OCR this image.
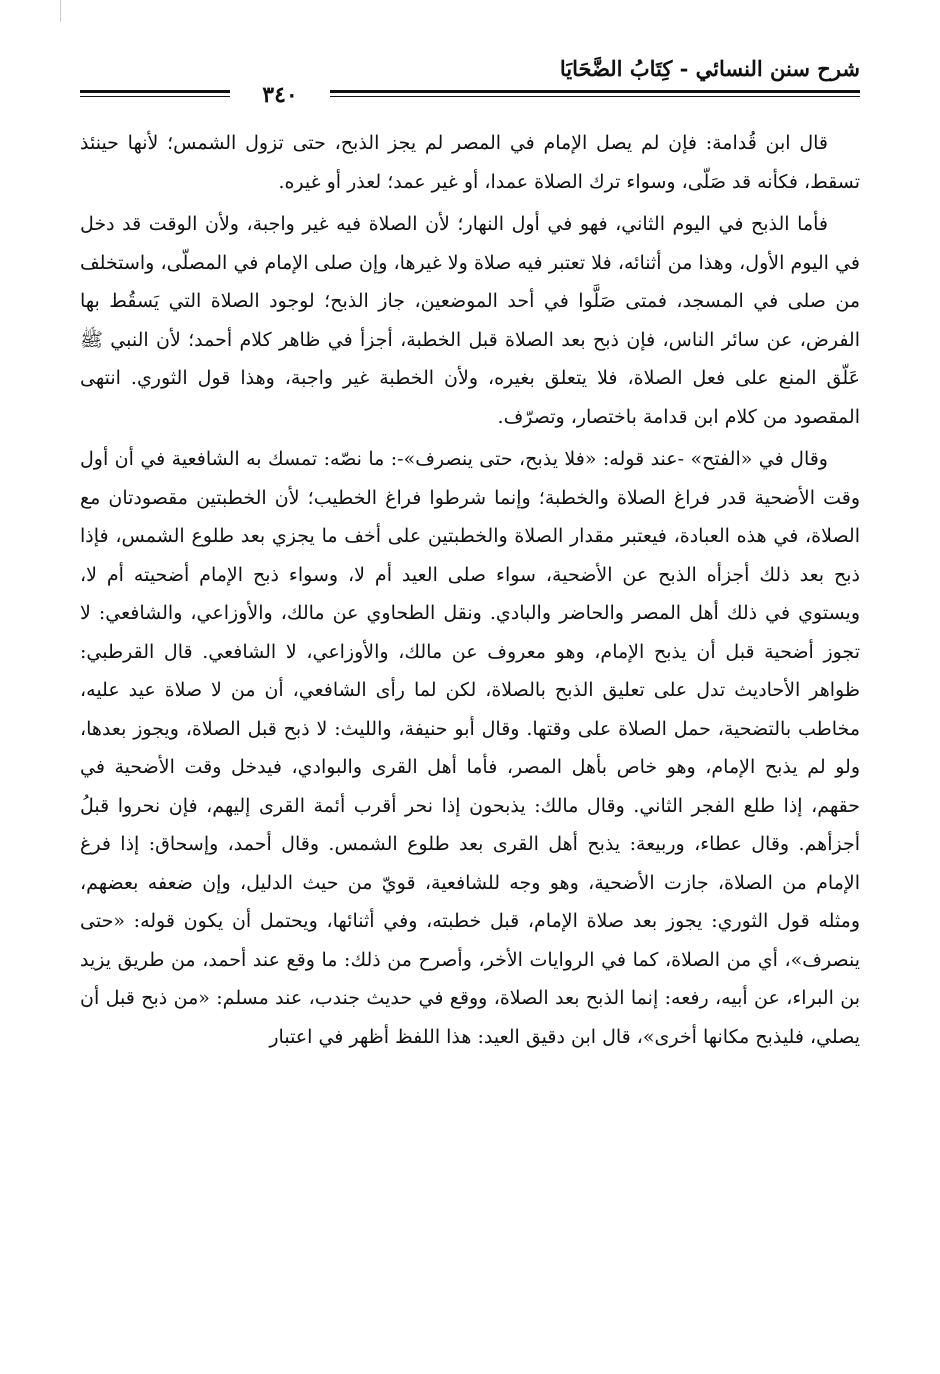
شرح سنن النسائي - كِتَابُ الضَّحَايَا
٣٤٠

قال ابن قُدامة: فإن لم يصل الإمام في المصر لم يجز الذبح، حتى تزول الشمس؛ لأنها حينئذ تسقط، فكأنه قد صَلّى، وسواء ترك الصلاة عمدا، أو غير عمد؛ لعذر أو غيره.

فأما الذبح في اليوم الثاني، فهو في أول النهار؛ لأن الصلاة فيه غير واجبة، ولأن الوقت قد دخل في اليوم الأول، وهذا من أثنائه، فلا تعتبر فيه صلاة ولا غيرها، وإن صلى الإمام في المصلّى، واستخلف من صلى في المسجد، فمتى صَلَّوا في أحد الموضعين، جاز الذبح؛ لوجود الصلاة التي يَسقُط بها الفرض، عن سائر الناس، فإن ذبح بعد الصلاة قبل الخطبة، أجزأ في ظاهر كلام أحمد؛ لأن النبي ﷺ عَلّق المنع على فعل الصلاة، فلا يتعلق بغيره، ولأن الخطبة غير واجبة، وهذا قول الثوري. انتهى المقصود من كلام ابن قدامة باختصار، وتصرّف.

وقال في «الفتح» -عند قوله: «فلا يذبح، حتى ينصرف»-: ما نصّه: تمسك به الشافعية في أن أول وقت الأضحية قدر فراغ الصلاة والخطبة؛ وإنما شرطوا فراغ الخطيب؛ لأن الخطبتين مقصودتان مع الصلاة، في هذه العبادة، فيعتبر مقدار الصلاة والخطبتين على أخف ما يجزي بعد طلوع الشمس، فإذا ذبح بعد ذلك أجزأه الذبح عن الأضحية، سواء صلى العيد أم لا، وسواء ذبح الإمام أضحيته أم لا، ويستوي في ذلك أهل المصر والحاضر والبادي. ونقل الطحاوي عن مالك، والأوزاعي، والشافعي: لا تجوز أضحية قبل أن يذبح الإمام، وهو معروف عن مالك، والأوزاعي، لا الشافعي. قال القرطبي: ظواهر الأحاديث تدل على تعليق الذبح بالصلاة، لكن لما رأى الشافعي، أن من لا صلاة عيد عليه، مخاطب بالتضحية، حمل الصلاة على وقتها. وقال أبو حنيفة، والليث: لا ذبح قبل الصلاة، ويجوز بعدها، ولو لم يذبح الإمام، وهو خاص بأهل المصر، فأما أهل القرى والبوادي، فيدخل وقت الأضحية في حقهم، إذا طلع الفجر الثاني. وقال مالك: يذبحون إذا نحر أقرب أئمة القرى إليهم، فإن نحروا قبلُ أجزأهم. وقال عطاء، وربيعة: يذبح أهل القرى بعد طلوع الشمس. وقال أحمد، وإسحاق: إذا فرغ الإمام من الصلاة، جازت الأضحية، وهو وجه للشافعية، قويّ من حيث الدليل، وإن ضعفه بعضهم، ومثله قول الثوري: يجوز بعد صلاة الإمام، قبل خطبته، وفي أثنائها، ويحتمل أن يكون قوله: «حتى ينصرف»، أي من الصلاة، كما في الروايات الأخر، وأصرح من ذلك: ما وقع عند أحمد، من طريق يزيد بن البراء، عن أبيه، رفعه: إنما الذبح بعد الصلاة، ووقع في حديث جندب، عند مسلم: «من ذبح قبل أن يصلي، فليذبح مكانها أخرى»، قال ابن دقيق العيد: هذا اللفظ أظهر في اعتبار
